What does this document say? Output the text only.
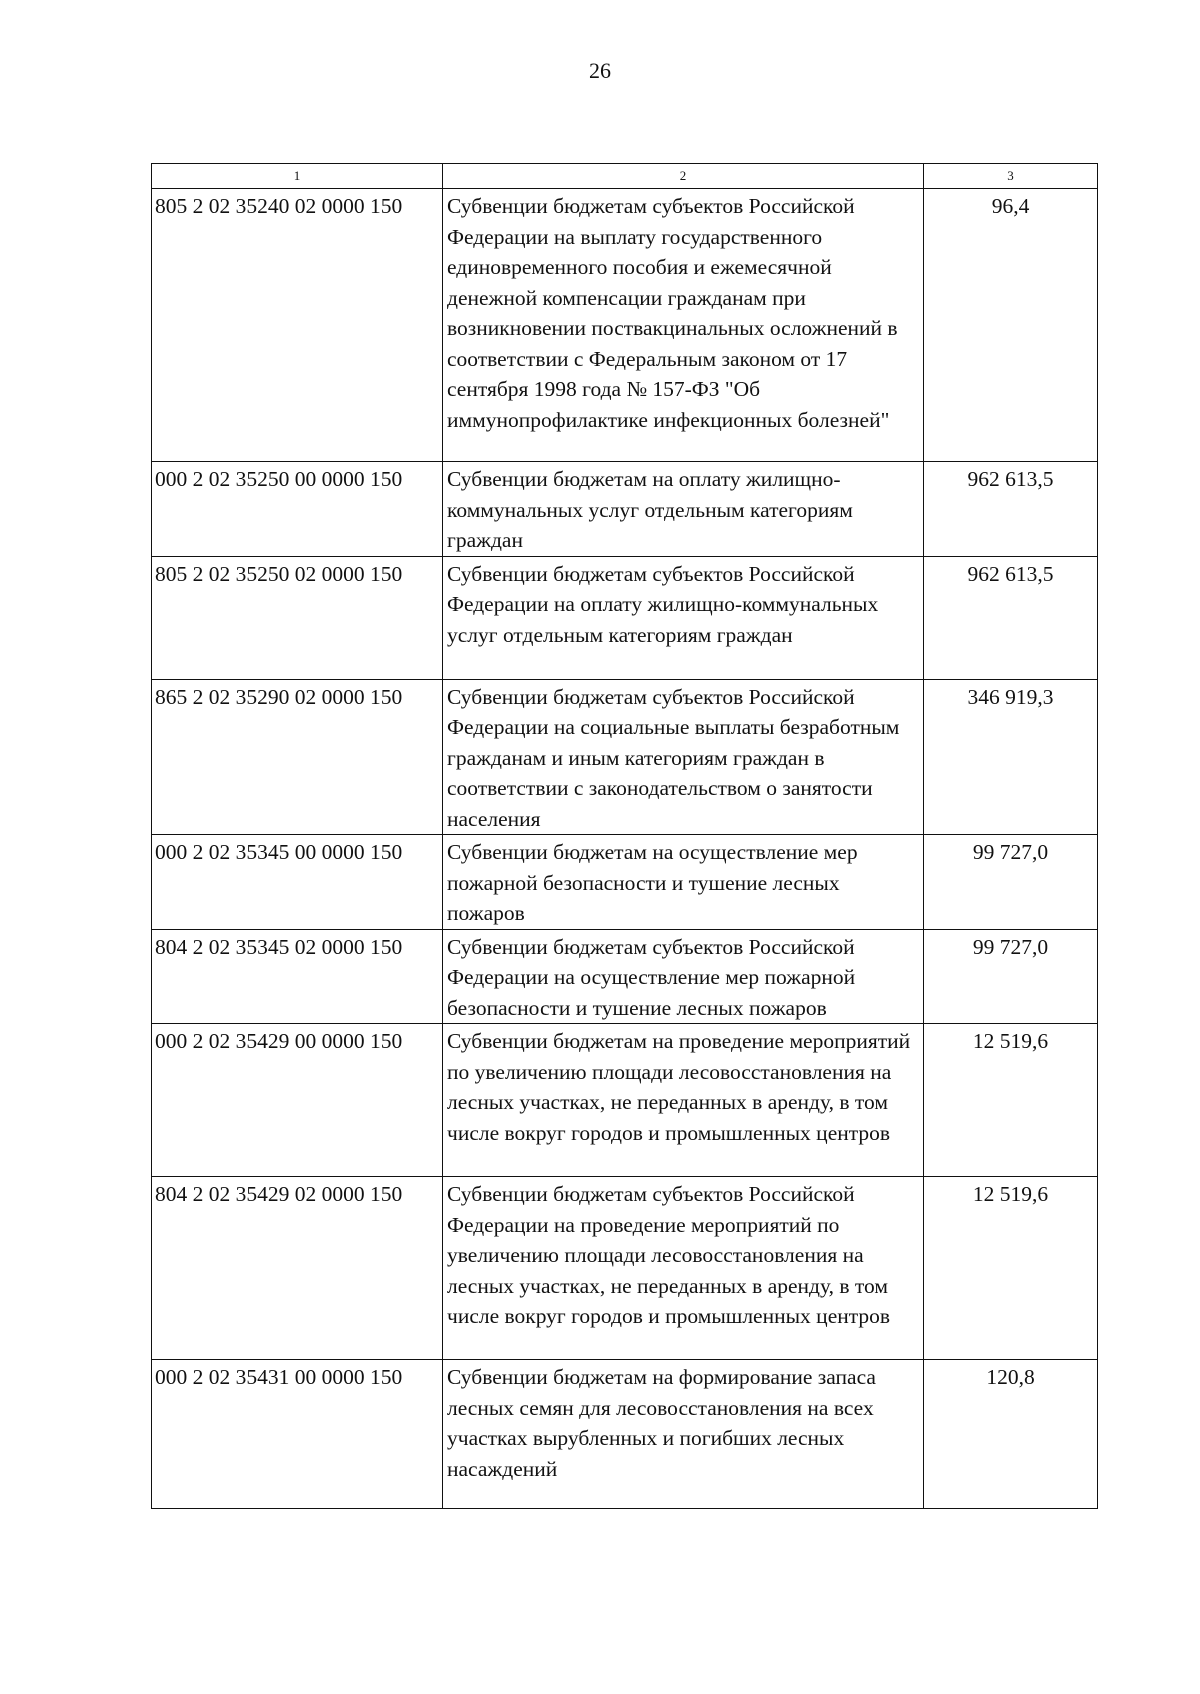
26
1	2	3
805 2 02 35240 02 0000 150	Субвенции бюджетам субъектов Российской Федерации на выплату государственного единовременного пособия и ежемесячной денежной компенсации гражданам при возникновении поствакцинальных осложнений в соответствии с Федеральным законом от 17 сентября 1998 года № 157-ФЗ "Об иммунопрофилактике инфекционных болезней"	96,4
000 2 02 35250 00 0000 150	Субвенции бюджетам на оплату жилищно-коммунальных услуг отдельным категориям граждан	962 613,5
805 2 02 35250 02 0000 150	Субвенции бюджетам субъектов Российской Федерации на оплату жилищно-коммунальных услуг отдельным категориям граждан	962 613,5
865 2 02 35290 02 0000 150	Субвенции бюджетам субъектов Российской Федерации на социальные выплаты безработным гражданам и иным категориям граждан в соответствии с законодательством о занятости населения	346 919,3
000 2 02 35345 00 0000 150	Субвенции бюджетам на осуществление мер пожарной безопасности и тушение лесных пожаров	99 727,0
804 2 02 35345 02 0000 150	Субвенции бюджетам субъектов Российской Федерации на осуществление мер пожарной безопасности и тушение лесных пожаров	99 727,0
000 2 02 35429 00 0000 150	Субвенции бюджетам на проведение мероприятий по увеличению площади лесовосстановления на лесных участках, не переданных в аренду, в том числе вокруг городов и промышленных центров	12 519,6
804 2 02 35429 02 0000 150	Субвенции бюджетам субъектов Российской Федерации на проведение мероприятий по увеличению площади лесовосстановления на лесных участках, не переданных в аренду, в том числе вокруг городов и промышленных центров	12 519,6
000 2 02 35431 00 0000 150	Субвенции бюджетам на формирование запаса лесных семян для лесовосстановления на всех участках вырубленных и погибших лесных насаждений	120,8
